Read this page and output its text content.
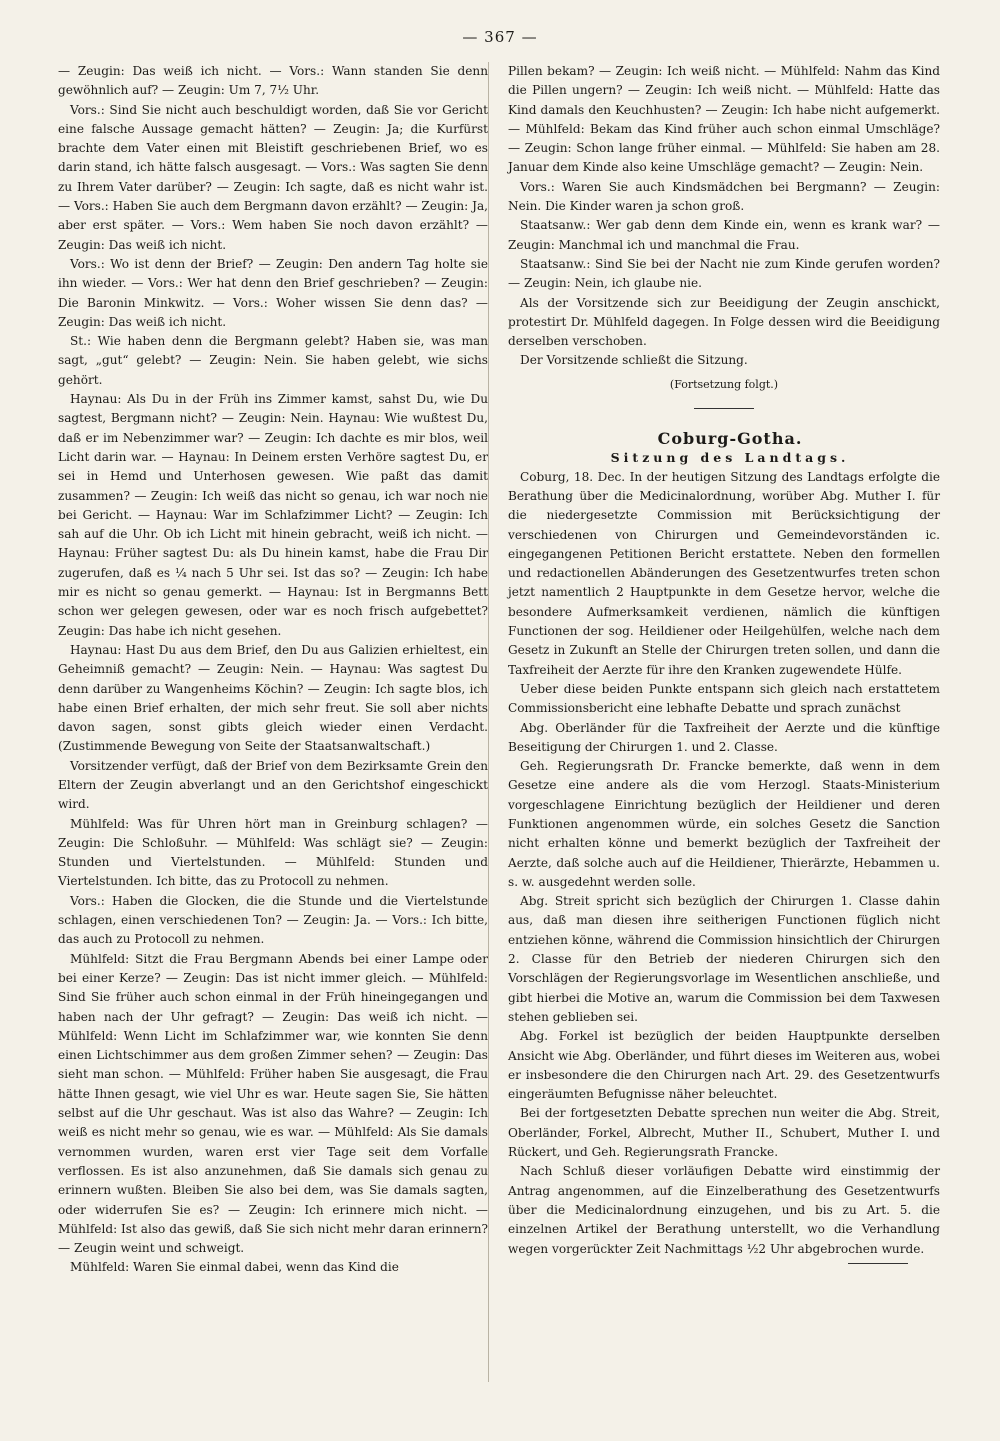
— 367 —

— Zeugin: Das weiß ich nicht. — Vors.: Wann standen Sie denn gewöhnlich auf? — Zeugin: Um 7, 7½ Uhr.

Vors.: Sind Sie nicht auch beschuldigt worden, daß Sie vor Gericht eine falsche Aussage gemacht hätten? — Zeugin: Ja; die Kurfürst brachte dem Vater einen mit Bleistift geschriebenen Brief, wo es darin stand, ich hätte falsch ausgesagt. — Vors.: Was sagten Sie denn zu Ihrem Vater darüber? — Zeugin: Ich sagte, daß es nicht wahr ist. — Vors.: Haben Sie auch dem Bergmann davon erzählt? — Zeugin: Ja, aber erst später. — Vors.: Wem haben Sie noch davon erzählt? — Zeugin: Das weiß ich nicht.

Vors.: Wo ist denn der Brief? — Zeugin: Den andern Tag holte sie ihn wieder. — Vors.: Wer hat denn den Brief geschrieben? — Zeugin: Die Baronin Minkwitz. — Vors.: Woher wissen Sie denn das? — Zeugin: Das weiß ich nicht.

St.: Wie haben denn die Bergmann gelebt? Haben sie, was man sagt, „gut“ gelebt? — Zeugin: Nein. Sie haben gelebt, wie sichs gehört.

Haynau: Als Du in der Früh ins Zimmer kamst, sahst Du, wie Du sagtest, Bergmann nicht? — Zeugin: Nein. Haynau: Wie wußtest Du, daß er im Nebenzimmer war? — Zeugin: Ich dachte es mir blos, weil Licht darin war. — Haynau: In Deinem ersten Verhöre sagtest Du, er sei in Hemd und Unterhosen gewesen. Wie paßt das damit zusammen? — Zeugin: Ich weiß das nicht so genau, ich war noch nie bei Gericht. — Haynau: War im Schlafzimmer Licht? — Zeugin: Ich sah auf die Uhr. Ob ich Licht mit hinein gebracht, weiß ich nicht. — Haynau: Früher sagtest Du: als Du hinein kamst, habe die Frau Dir zugerufen, daß es ¼ nach 5 Uhr sei. Ist das so? — Zeugin: Ich habe mir es nicht so genau gemerkt. — Haynau: Ist in Bergmanns Bett schon wer gelegen gewesen, oder war es noch frisch aufgebettet? Zeugin: Das habe ich nicht gesehen.

Haynau: Hast Du aus dem Brief, den Du aus Galizien erhieltest, ein Geheimniß gemacht? — Zeugin: Nein. — Haynau: Was sagtest Du denn darüber zu Wangenheims Köchin? — Zeugin: Ich sagte blos, ich habe einen Brief erhalten, der mich sehr freut. Sie soll aber nichts davon sagen, sonst gibts gleich wieder einen Verdacht. (Zustimmende Bewegung von Seite der Staatsanwaltschaft.)

Vorsitzender verfügt, daß der Brief von dem Bezirksamte Grein den Eltern der Zeugin abverlangt und an den Gerichtshof eingeschickt wird.

Mühlfeld: Was für Uhren hört man in Greinburg schlagen? — Zeugin: Die Schloßuhr. — Mühlfeld: Was schlägt sie? — Zeugin: Stunden und Viertelstunden. — Mühlfeld: Stunden und Viertelstunden. Ich bitte, das zu Protocoll zu nehmen.

Vors.: Haben die Glocken, die die Stunde und die Viertelstunde schlagen, einen verschiedenen Ton? — Zeugin: Ja. — Vors.: Ich bitte, das auch zu Protocoll zu nehmen.

Mühlfeld: Sitzt die Frau Bergmann Abends bei einer Lampe oder bei einer Kerze? — Zeugin: Das ist nicht immer gleich. — Mühlfeld: Sind Sie früher auch schon einmal in der Früh hineingegangen und haben nach der Uhr gefragt? — Zeugin: Das weiß ich nicht. — Mühlfeld: Wenn Licht im Schlafzimmer war, wie konnten Sie denn einen Lichtschimmer aus dem großen Zimmer sehen? — Zeugin: Das sieht man schon. — Mühlfeld: Früher haben Sie ausgesagt, die Frau hätte Ihnen gesagt, wie viel Uhr es war. Heute sagen Sie, Sie hätten selbst auf die Uhr geschaut. Was ist also das Wahre? — Zeugin: Ich weiß es nicht mehr so genau, wie es war. — Mühlfeld: Als Sie damals vernommen wurden, waren erst vier Tage seit dem Vorfalle verflossen. Es ist also anzunehmen, daß Sie damals sich genau zu erinnern wußten. Bleiben Sie also bei dem, was Sie damals sagten, oder widerrufen Sie es? — Zeugin: Ich erinnere mich nicht. — Mühlfeld: Ist also das gewiß, daß Sie sich nicht mehr daran erinnern? — Zeugin weint und schweigt.

Mühlfeld: Waren Sie einmal dabei, wenn das Kind die

Pillen bekam? — Zeugin: Ich weiß nicht. — Mühlfeld: Nahm das Kind die Pillen ungern? — Zeugin: Ich weiß nicht. — Mühlfeld: Hatte das Kind damals den Keuchhusten? — Zeugin: Ich habe nicht aufgemerkt. — Mühlfeld: Bekam das Kind früher auch schon einmal Umschläge? — Zeugin: Schon lange früher einmal. — Mühlfeld: Sie haben am 28. Januar dem Kinde also keine Umschläge gemacht? — Zeugin: Nein.

Vors.: Waren Sie auch Kindsmädchen bei Bergmann? — Zeugin: Nein. Die Kinder waren ja schon groß.

Staatsanw.: Wer gab denn dem Kinde ein, wenn es krank war? — Zeugin: Manchmal ich und manchmal die Frau.

Staatsanw.: Sind Sie bei der Nacht nie zum Kinde gerufen worden? — Zeugin: Nein, ich glaube nie.

Als der Vorsitzende sich zur Beeidigung der Zeugin anschickt, protestirt Dr. Mühlfeld dagegen. In Folge dessen wird die Beeidigung derselben verschoben.

Der Vorsitzende schließt die Sitzung.

(Fortsetzung folgt.)

Coburg-Gotha.

Sitzung des Landtags.

Coburg, 18. Dec. In der heutigen Sitzung des Landtags erfolgte die Berathung über die Medicinalordnung, worüber Abg. Muther I. für die niedergesetzte Commission mit Berücksichtigung der verschiedenen von Chirurgen und Gemeindevorständen ic. eingegangenen Petitionen Bericht erstattete. Neben den formellen und redactionellen Abänderungen des Gesetzentwurfes treten schon jetzt namentlich 2 Hauptpunkte in dem Gesetze hervor, welche die besondere Aufmerksamkeit verdienen, nämlich die künftigen Functionen der sog. Heildiener oder Heilgehülfen, welche nach dem Gesetz in Zukunft an Stelle der Chirurgen treten sollen, und dann die Taxfreiheit der Aerzte für ihre den Kranken zugewendete Hülfe.

Ueber diese beiden Punkte entspann sich gleich nach erstattetem Commissionsbericht eine lebhafte Debatte und sprach zunächst

Abg. Oberländer für die Taxfreiheit der Aerzte und die künftige Beseitigung der Chirurgen 1. und 2. Classe.

Geh. Regierungsrath Dr. Francke bemerkte, daß wenn in dem Gesetze eine andere als die vom Herzogl. Staats-Ministerium vorgeschlagene Einrichtung bezüglich der Heildiener und deren Funktionen angenommen würde, ein solches Gesetz die Sanction nicht erhalten könne und bemerkt bezüglich der Taxfreiheit der Aerzte, daß solche auch auf die Heildiener, Thierärzte, Hebammen u. s. w. ausgedehnt werden solle.

Abg. Streit spricht sich bezüglich der Chirurgen 1. Classe dahin aus, daß man diesen ihre seitherigen Functionen füglich nicht entziehen könne, während die Commission hinsichtlich der Chirurgen 2. Classe für den Betrieb der niederen Chirurgen sich den Vorschlägen der Regierungsvorlage im Wesentlichen anschließe, und gibt hierbei die Motive an, warum die Commission bei dem Taxwesen stehen geblieben sei.

Abg. Forkel ist bezüglich der beiden Hauptpunkte derselben Ansicht wie Abg. Oberländer, und führt dieses im Weiteren aus, wobei er insbesondere die den Chirurgen nach Art. 29. des Gesetzentwurfs eingeräumten Befugnisse näher beleuchtet.

Bei der fortgesetzten Debatte sprechen nun weiter die Abg. Streit, Oberländer, Forkel, Albrecht, Muther II., Schubert, Muther I. und Rückert, und Geh. Regierungsrath Francke.

Nach Schluß dieser vorläufigen Debatte wird einstimmig der Antrag angenommen, auf die Einzelberathung des Gesetzentwurfs über die Medicinalordnung einzugehen, und bis zu Art. 5. die einzelnen Artikel der Berathung unterstellt, wo die Verhandlung wegen vorgerückter Zeit Nachmittags ½2 Uhr abgebrochen wurde.
